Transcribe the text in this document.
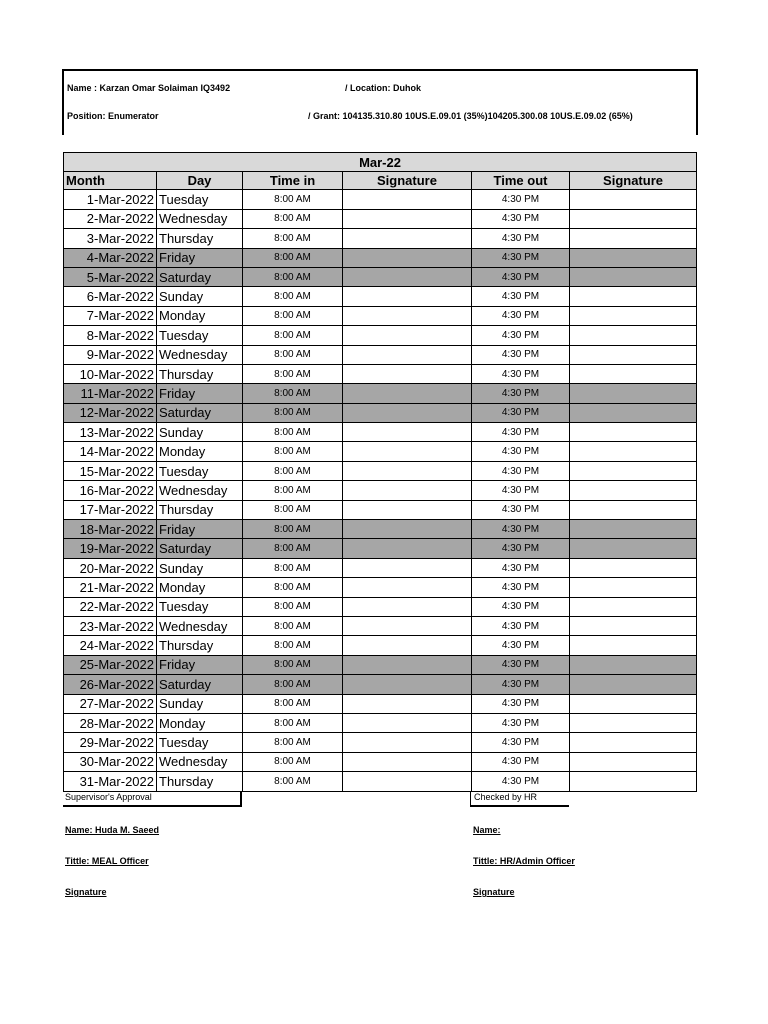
Name : Karzan Omar Solaiman IQ3492	/ Location: Duhok
Position: Enumerator	/ Grant: 104135.310.80 10US.E.09.01 (35%)104205.300.08 10US.E.09.02 (65%)
Mar-22					
Month	Day	Time in	Signature	Time out	Signature
1-Mar-2022	Tuesday	8:00 AM		4:30 PM	
2-Mar-2022	Wednesday	8:00 AM		4:30 PM	
3-Mar-2022	Thursday	8:00 AM		4:30 PM	
4-Mar-2022	Friday	8:00 AM		4:30 PM	
5-Mar-2022	Saturday	8:00 AM		4:30 PM	
6-Mar-2022	Sunday	8:00 AM		4:30 PM	
7-Mar-2022	Monday	8:00 AM		4:30 PM	
8-Mar-2022	Tuesday	8:00 AM		4:30 PM	
9-Mar-2022	Wednesday	8:00 AM		4:30 PM	
10-Mar-2022	Thursday	8:00 AM		4:30 PM	
11-Mar-2022	Friday	8:00 AM		4:30 PM	
12-Mar-2022	Saturday	8:00 AM		4:30 PM	
13-Mar-2022	Sunday	8:00 AM		4:30 PM	
14-Mar-2022	Monday	8:00 AM		4:30 PM	
15-Mar-2022	Tuesday	8:00 AM		4:30 PM	
16-Mar-2022	Wednesday	8:00 AM		4:30 PM	
17-Mar-2022	Thursday	8:00 AM		4:30 PM	
18-Mar-2022	Friday	8:00 AM		4:30 PM	
19-Mar-2022	Saturday	8:00 AM		4:30 PM	
20-Mar-2022	Sunday	8:00 AM		4:30 PM	
21-Mar-2022	Monday	8:00 AM		4:30 PM	
22-Mar-2022	Tuesday	8:00 AM		4:30 PM	
23-Mar-2022	Wednesday	8:00 AM		4:30 PM	
24-Mar-2022	Thursday	8:00 AM		4:30 PM	
25-Mar-2022	Friday	8:00 AM		4:30 PM	
26-Mar-2022	Saturday	8:00 AM		4:30 PM	
27-Mar-2022	Sunday	8:00 AM		4:30 PM	
28-Mar-2022	Monday	8:00 AM		4:30 PM	
29-Mar-2022	Tuesday	8:00 AM		4:30 PM	
30-Mar-2022	Wednesday	8:00 AM		4:30 PM	
31-Mar-2022	Thursday	8:00 AM		4:30 PM	
Supervisor's Approval	Checked by HR
Name: Huda M. Saeed
Tittle: MEAL Officer
Signature
Name:
Tittle: HR/Admin Officer
Signature
